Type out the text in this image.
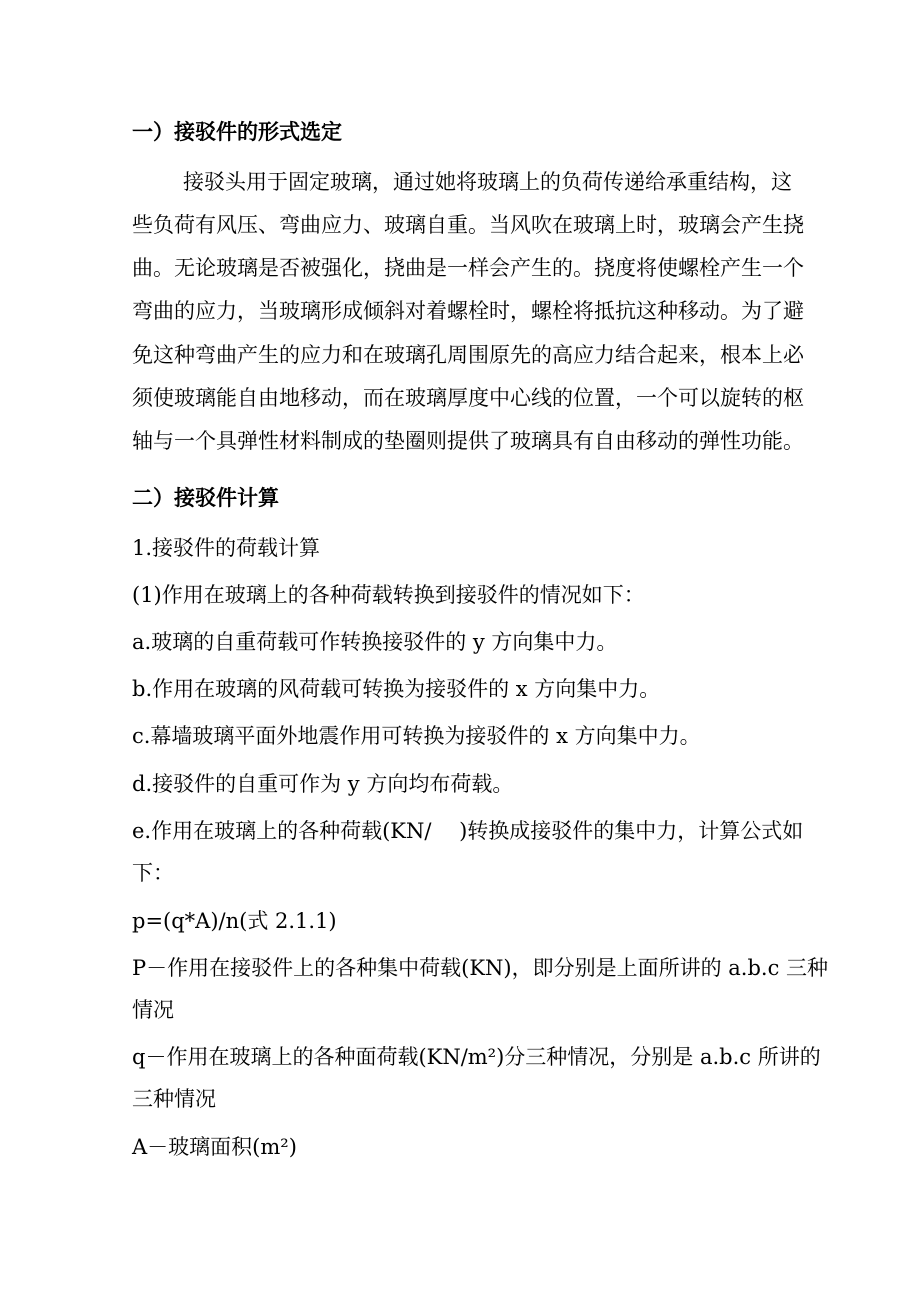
一）接驳件的形式选定
接驳头用于固定玻璃，通过她将玻璃上的负荷传递给承重结构，这
些负荷有风压、弯曲应力、玻璃自重。当风吹在玻璃上时，玻璃会产生挠
曲。无论玻璃是否被强化，挠曲是一样会产生的。挠度将使螺栓产生一个
弯曲的应力，当玻璃形成倾斜对着螺栓时，螺栓将抵抗这种移动。为了避
免这种弯曲产生的应力和在玻璃孔周围原先的高应力结合起来，根本上必
须使玻璃能自由地移动，而在玻璃厚度中心线的位置，一个可以旋转的枢
轴与一个具弹性材料制成的垫圈则提供了玻璃具有自由移动的弹性功能。
二）接驳件计算
1.接驳件的荷载计算
(1)作用在玻璃上的各种荷载转换到接驳件的情况如下：
a.玻璃的自重荷载可作转换接驳件的 y 方向集中力。
b.作用在玻璃的风荷载可转换为接驳件的 x 方向集中力。
c.幕墙玻璃平面外地震作用可转换为接驳件的 x 方向集中力。
d.接驳件的自重可作为 y 方向均布荷载。
e.作用在玻璃上的各种荷载(KN/　 )转换成接驳件的集中力，计算公式如
下：
p=(q*A)/n(式 2.1.1)
P－作用在接驳件上的各种集中荷载(KN)，即分别是上面所讲的 a.b.c 三种
情况
q－作用在玻璃上的各种面荷载(KN/m²)分三种情况，分别是 a.b.c 所讲的
三种情况
A－玻璃面积(m²)
